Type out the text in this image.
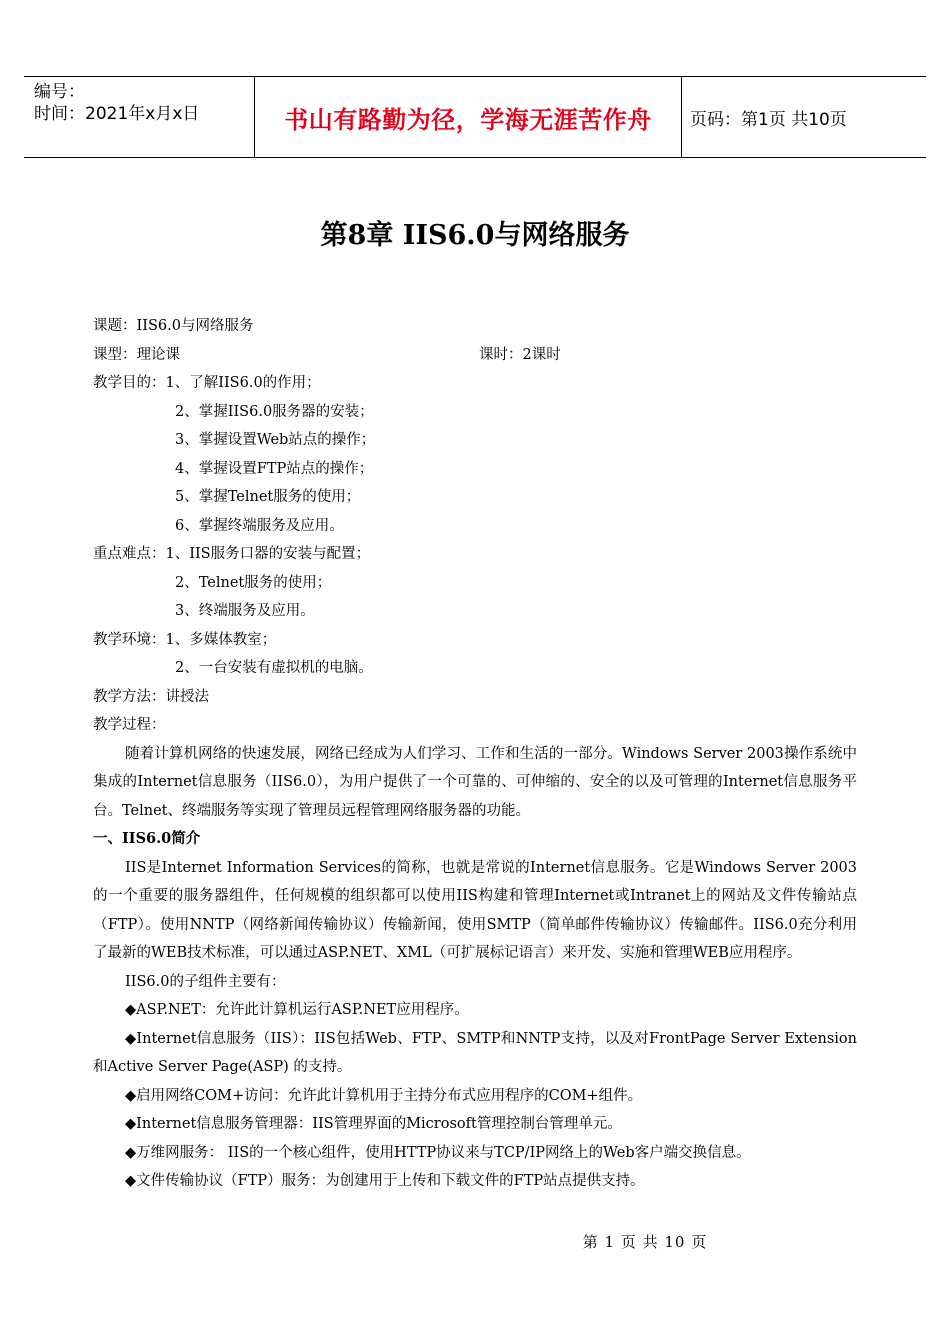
编号：
时间：2021年x月x日	书山有路勤为径，学海无涯苦作舟	页码：第1页 共10页
第8章 IIS6.0与网络服务
课题：IIS6.0与网络服务
课型：理论课	课时：2课时
教学目的：1、了解IIS6.0的作用；
2、掌握IIS6.0服务器的安装；
3、掌握设置Web站点的操作；
4、掌握设置FTP站点的操作；
5、掌握Telnet服务的使用；
6、掌握终端服务及应用。
重点难点：1、IIS服务口器的安装与配置；
2、Telnet服务的使用；
3、终端服务及应用。
教学环境：1、多媒体教室；
2、一台安装有虚拟机的电脑。
教学方法：讲授法
教学过程：
随着计算机网络的快速发展，网络已经成为人们学习、工作和生活的一部分。Windows Server 2003操作系统中集成的Internet信息服务（IIS6.0），为用户提供了一个可靠的、可伸缩的、安全的以及可管理的Internet信息服务平台。Telnet、终端服务等实现了管理员远程管理网络服务器的功能。
一、IIS6.0简介
IIS是Internet Information Services的简称，也就是常说的Internet信息服务。它是Windows Server 2003的一个重要的服务器组件，任何规模的组织都可以使用IIS构建和管理Internet或Intranet上的网站及文件传输站点（FTP）。使用NNTP（网络新闻传输协议）传输新闻，使用SMTP（简单邮件传输协议）传输邮件。IIS6.0充分利用了最新的WEB技术标准，可以通过ASP.NET、XML（可扩展标记语言）来开发、实施和管理WEB应用程序。
IIS6.0的子组件主要有：
◆ASP.NET：允许此计算机运行ASP.NET应用程序。
◆Internet信息服务（IIS）：IIS包括Web、FTP、SMTP和NNTP支持，以及对FrontPage Server Extension和Active Server Page(ASP) 的支持。
◆启用网络COM+访问：允许此计算机用于主持分布式应用程序的COM+组件。
◆Internet信息服务管理器：IIS管理界面的Microsoft管理控制台管理单元。
◆万维网服务： IIS的一个核心组件，使用HTTP协议来与TCP/IP网络上的Web客户端交换信息。
◆文件传输协议（FTP）服务：为创建用于上传和下载文件的FTP站点提供支持。
第 1 页 共 10 页
